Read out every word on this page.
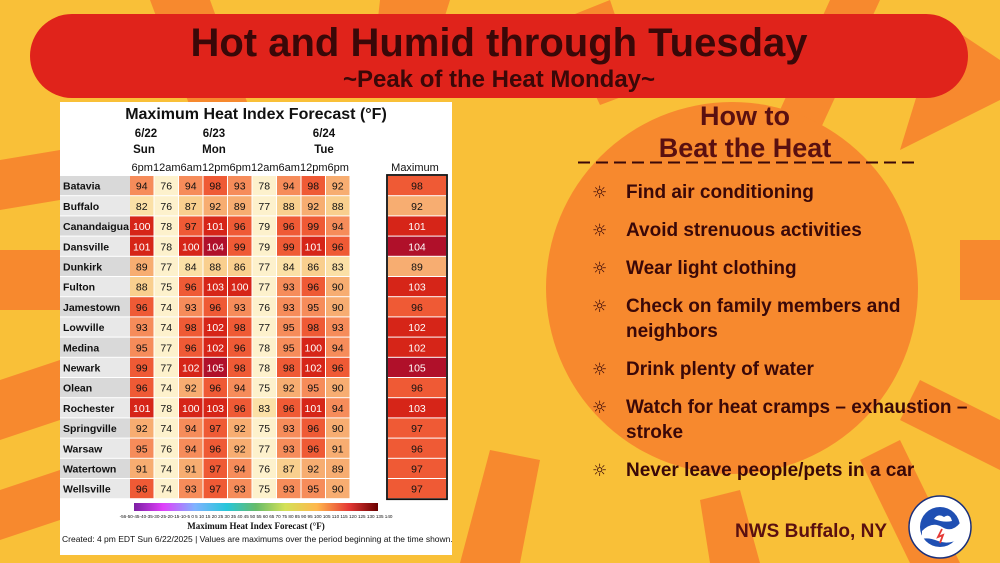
Hot and Humid through Tuesday
~Peak of the Heat Monday~
Maximum Heat Index Forecast (°F)
6/22	6/23	6/24
Sun	Mon	Tue
6pm 12am 6am 12pm 6pm 12am 6am 12pm 6pm	Maximum
Batavia	94 76 94 98 93 78 94 98 92	98
Buffalo	82 76 87 92 89 77 88 92 88	92
Canandaigua 100 78 97 101 96 79 96 99 94	101
Dansville 101 78 100 104 99 79 99 101 96	104
Dunkirk	89 77 84 88 86 77 84 86 83	89
Fulton	88 75 96 103 100 77 93 96 90	103
Jamestown 96 74 93 96 93 76 93 95 90	96
Lowville	93 74 98 102 98 77 95 98 93	102
Medina	95 77 96 102 96 78 95 100 94	102
Newark	99 77 102 105 98 78 98 102 96	105
Olean	96 74 92 96 94 75 92 95 90	96
Rochester 101 78 100 103 96 83 96 101 94	103
Springville 92 74 94 97 92 75 93 96 90	97
Warsaw	95 76 94 96 92 77 93 96 91	96
Watertown 91 74 91 97 94 76 87 92 89	97
Wellsville 96 74 93 97 93 75 93 95 90	97
-56-50-45-40-35-30-25-20-15-10-5 0 5 10 15 20 25 30 35 40 45 50 55 60 65 70 75 80 85 90 95 100 105 110 115 120 125 130 135 140
Maximum Heat Index Forecast (°F)
Created: 4 pm EDT Sun 6/22/2025 | Values are maximums over the period beginning at the time shown.
How to
Beat the Heat
☼ Find air conditioning
☼ Avoid strenuous activities
☼ Wear light clothing
☼ Check on family members and neighbors
☼ Drink plenty of water
☼ Watch for heat cramps – exhaustion – stroke
☼ Never leave people/pets in a car
NWS Buffalo, NY
